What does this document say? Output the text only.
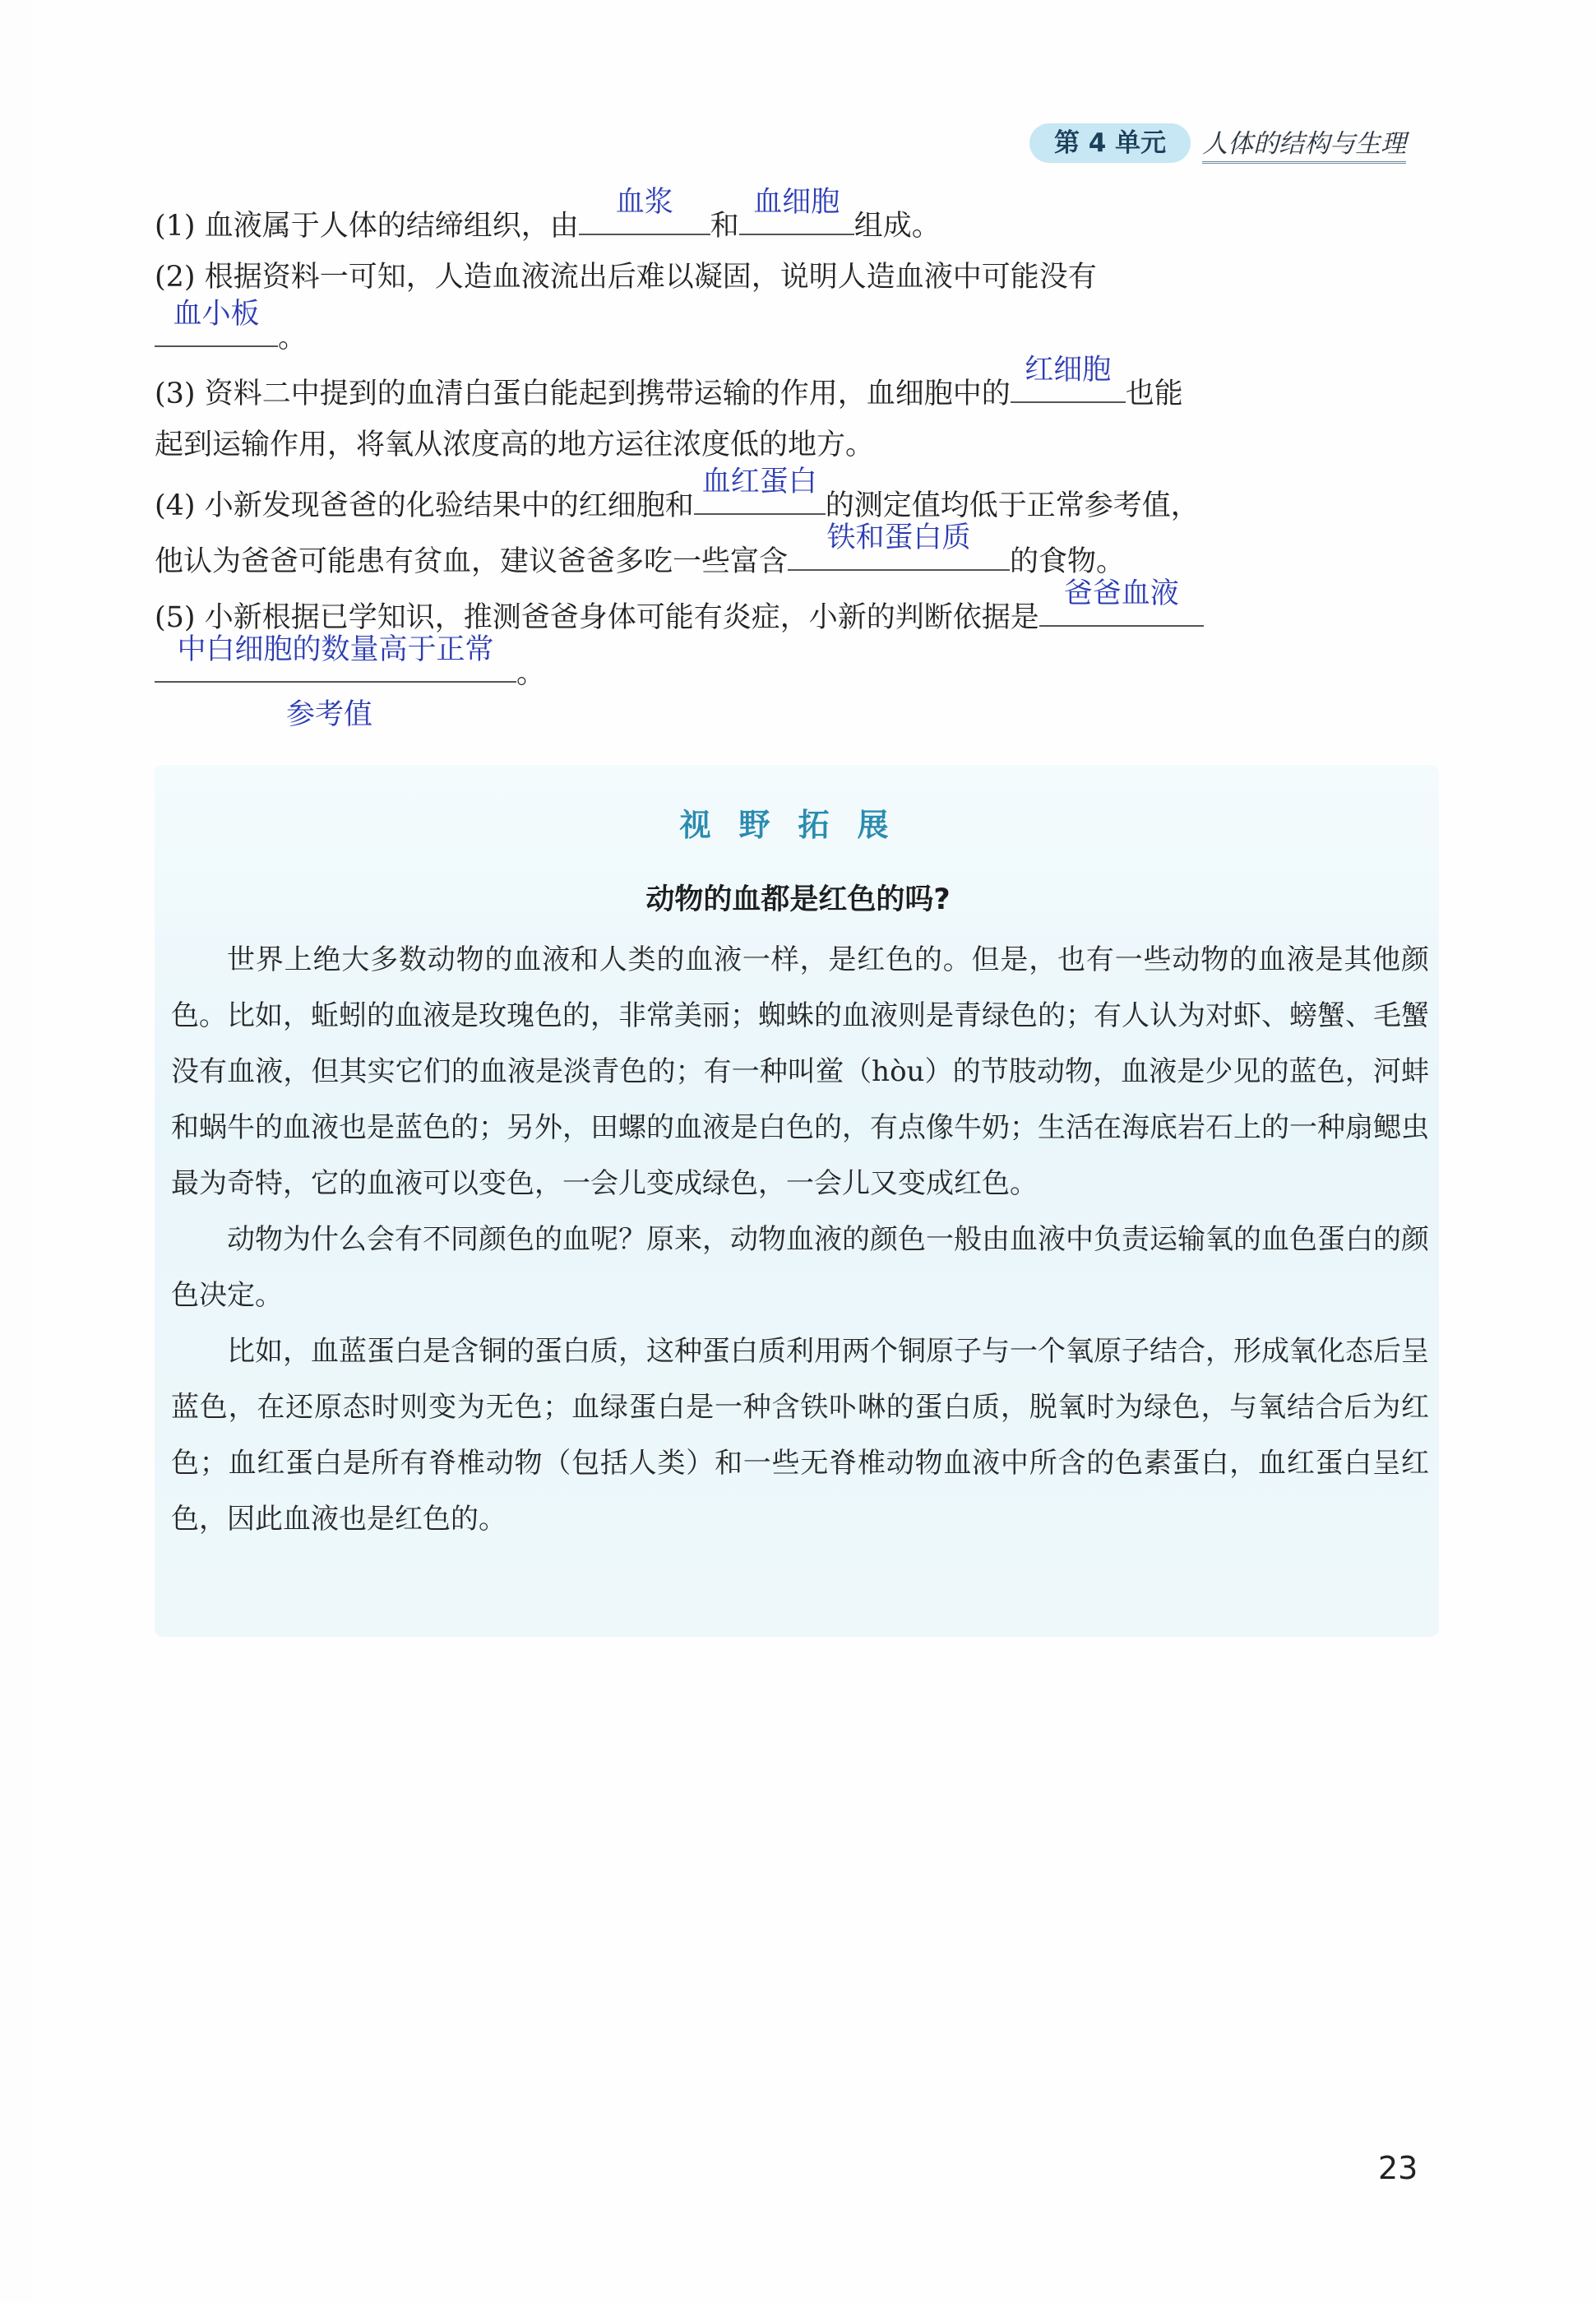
第 4 单元	人体的结构与生理
(1) 血液属于人体的结缔组织，由
血浆
和
血细胞
组成。
(2) 根据资料一可知，人造血液流出后难以凝固，说明人造血液中可能没有
血小板
。
(3) 资料二中提到的血清白蛋白能起到携带运输的作用，血细胞中的
红细胞
也能
起到运输作用，将氧从浓度高的地方运往浓度低的地方。
(4) 小新发现爸爸的化验结果中的红细胞和
血红蛋白
的测定值均低于正常参考值，
他认为爸爸可能患有贫血，建议爸爸多吃一些富含
铁和蛋白质
的食物。
(5) 小新根据已学知识，推测爸爸身体可能有炎症，小新的判断依据是
爸爸血液
中白细胞的数量高于正常
。
参考值
视野拓展
动物的血都是红色的吗?

世界上绝大多数动物的血液和人类的血液一样，是红色的。但是，也有一些动物的血液是其他颜色。比如，蚯蚓的血液是玫瑰色的，非常美丽；蜘蛛的血液则是青绿色的；有人认为对虾、螃蟹、毛蟹没有血液，但其实它们的血液是淡青色的；有一种叫鲎（hòu）的节肢动物，血液是少见的蓝色，河蚌和蜗牛的血液也是蓝色的；另外，田螺的血液是白色的，有点像牛奶；生活在海底岩石上的一种扇鳃虫最为奇特，它的血液可以变色，一会儿变成绿色，一会儿又变成红色。

动物为什么会有不同颜色的血呢？原来，动物血液的颜色一般由血液中负责运输氧的血色蛋白的颜色决定。

比如，血蓝蛋白是含铜的蛋白质，这种蛋白质利用两个铜原子与一个氧原子结合，形成氧化态后呈蓝色，在还原态时则变为无色；血绿蛋白是一种含铁卟啉的蛋白质，脱氧时为绿色，与氧结合后为红色；血红蛋白是所有脊椎动物（包括人类）和一些无脊椎动物血液中所含的色素蛋白，血红蛋白呈红色，因此血液也是红色的。

23
